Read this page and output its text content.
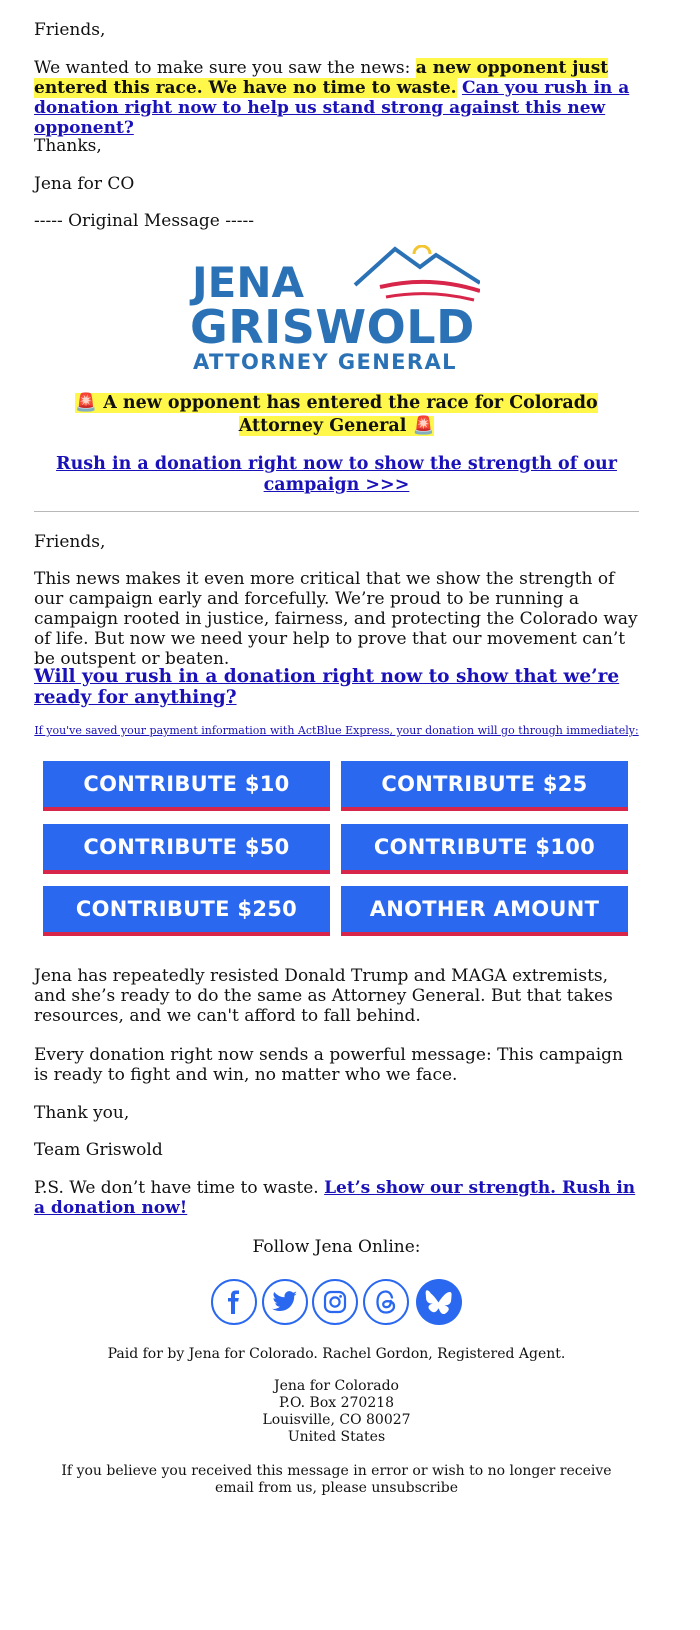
Friends,

We wanted to make sure you saw the news: a new opponent just entered this race. We have no time to waste. Can you rush in a donation right now to help us stand strong against this new opponent?

Thanks,

Jena for CO

----- Original Message -----

JENA
GRISWOLD
ATTORNEY GENERAL
🚨 A new opponent has entered the race for Colorado Attorney General 🚨
Rush in a donation right now to show the strength of our campaign >>>

Friends,

This news makes it even more critical that we show the strength of our campaign early and forcefully. We’re proud to be running a campaign rooted in justice, fairness, and protecting the Colorado way of life. But now we need your help to prove that our movement can’t be outspent or beaten.

Will you rush in a donation right now to show that we’re ready for anything?

If you've saved your payment information with ActBlue Express, your donation will go through immediately:

CONTRIBUTE $10	CONTRIBUTE $25
CONTRIBUTE $50	CONTRIBUTE $100
CONTRIBUTE $250	ANOTHER AMOUNT

Jena has repeatedly resisted Donald Trump and MAGA extremists, and she’s ready to do the same as Attorney General. But that takes resources, and we can't afford to fall behind.

Every donation right now sends a powerful message: This campaign is ready to fight and win, no matter who we face.

Thank you,

Team Griswold

P.S. We don’t have time to waste. Let’s show our strength. Rush in a donation now!

Follow Jena Online:

Paid for by Jena for Colorado. Rachel Gordon, Registered Agent.

Jena for Colorado
P.O. Box 270218
Louisville, CO 80027
United States

If you believe you received this message in error or wish to no longer receive email from us, please unsubscribe
